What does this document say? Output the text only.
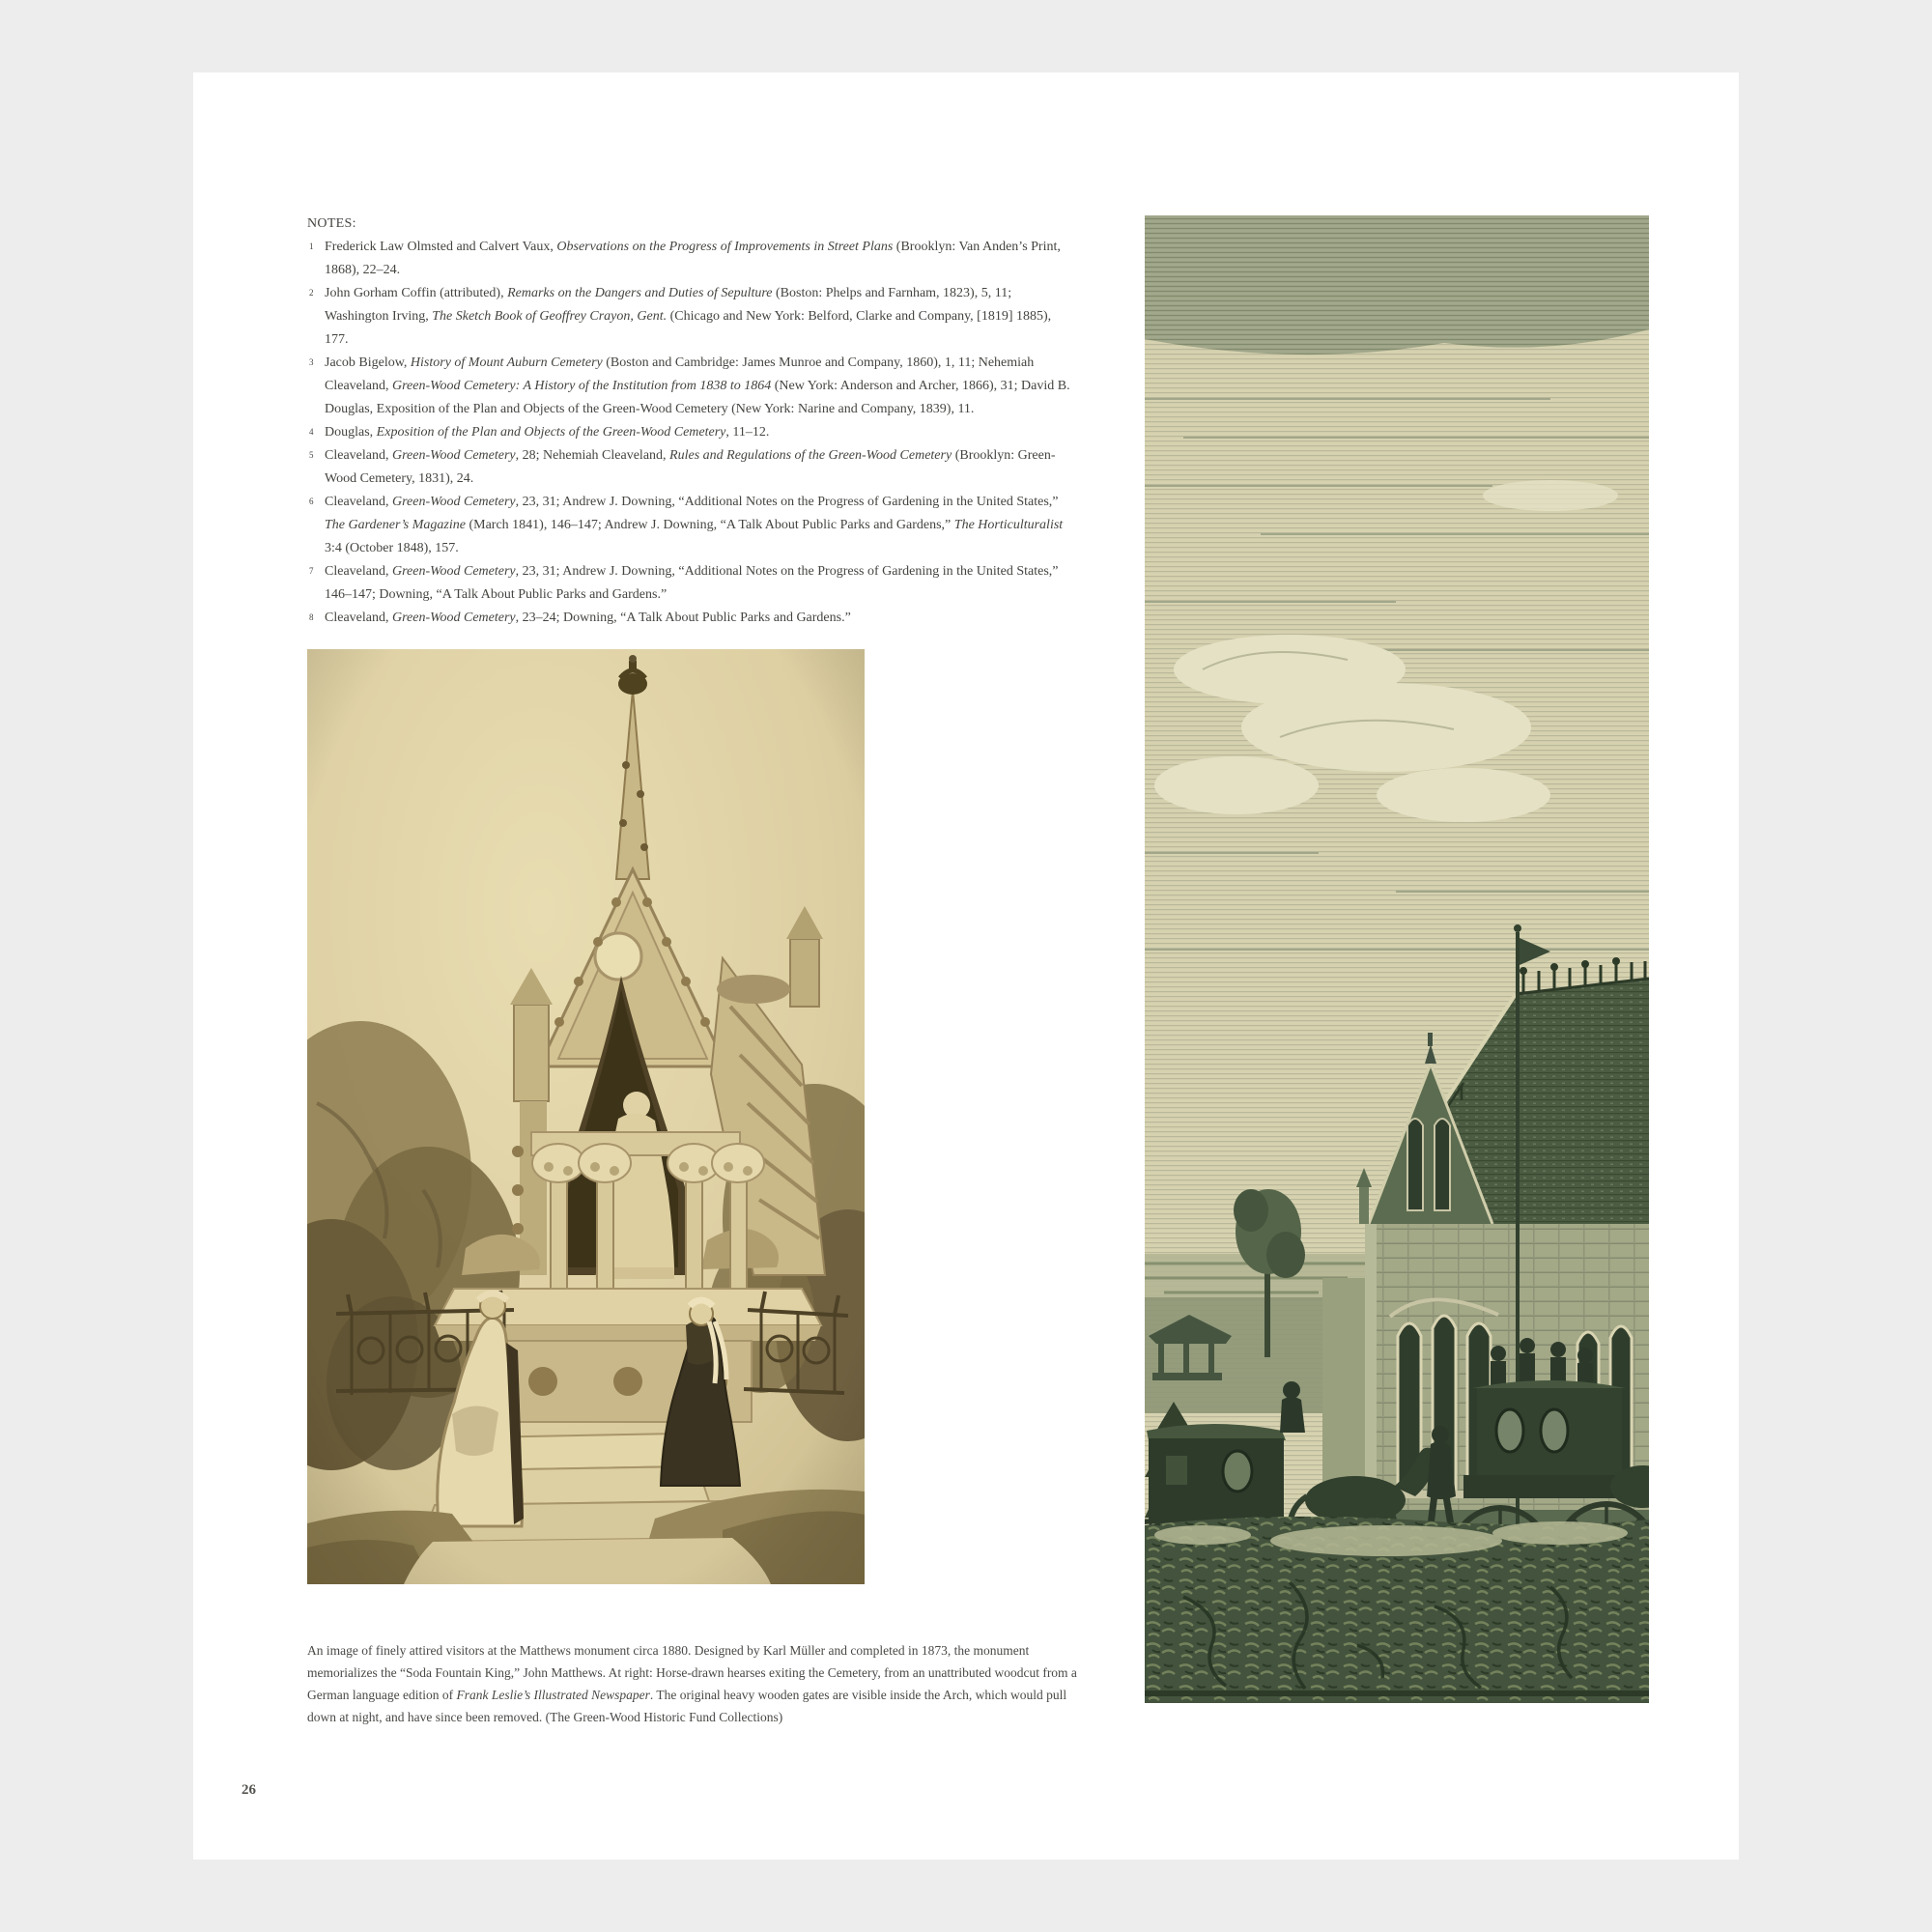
NOTES:
1 Frederick Law Olmsted and Calvert Vaux, Observations on the Progress of Improvements in Street Plans (Brooklyn: Van Anden’s Print, 1868), 22–24.
2 John Gorham Coffin (attributed), Remarks on the Dangers and Duties of Sepulture (Boston: Phelps and Farnham, 1823), 5, 11; Washington Irving, The Sketch Book of Geoffrey Crayon, Gent. (Chicago and New York: Belford, Clarke and Company, [1819] 1885), 177.
3 Jacob Bigelow, History of Mount Auburn Cemetery (Boston and Cambridge: James Munroe and Company, 1860), 1, 11; Nehemiah Cleaveland, Green-Wood Cemetery: A History of the Institution from 1838 to 1864 (New York: Anderson and Archer, 1866), 31; David B. Douglas, Exposition of the Plan and Objects of the Green-Wood Cemetery (New York: Narine and Company, 1839), 11.
4 Douglas, Exposition of the Plan and Objects of the Green-Wood Cemetery, 11–12.
5 Cleaveland, Green-Wood Cemetery, 28; Nehemiah Cleaveland, Rules and Regulations of the Green-Wood Cemetery (Brooklyn: Green-Wood Cemetery, 1831), 24.
6 Cleaveland, Green-Wood Cemetery, 23, 31; Andrew J. Downing, “Additional Notes on the Progress of Gardening in the United States,” The Gardener’s Magazine (March 1841), 146–147; Andrew J. Downing, “A Talk About Public Parks and Gardens,” The Horticulturalist 3:4 (October 1848), 157.
7 Cleaveland, Green-Wood Cemetery, 23, 31; Andrew J. Downing, “Additional Notes on the Progress of Gardening in the United States,” 146–147; Downing, “A Talk About Public Parks and Gardens.”
8 Cleaveland, Green-Wood Cemetery, 23–24; Downing, “A Talk About Public Parks and Gardens.”

An image of finely attired visitors at the Matthews monument circa 1880. Designed by Karl Müller and completed in 1873, the monument memorializes the “Soda Fountain King,” John Matthews. At right: Horse-drawn hearses exiting the Cemetery, from an unattributed woodcut from a German language edition of Frank Leslie’s Illustrated Newspaper. The original heavy wooden gates are visible inside the Arch, which would pull down at night, and have since been removed. (The Green-Wood Historic Fund Collections)

26
